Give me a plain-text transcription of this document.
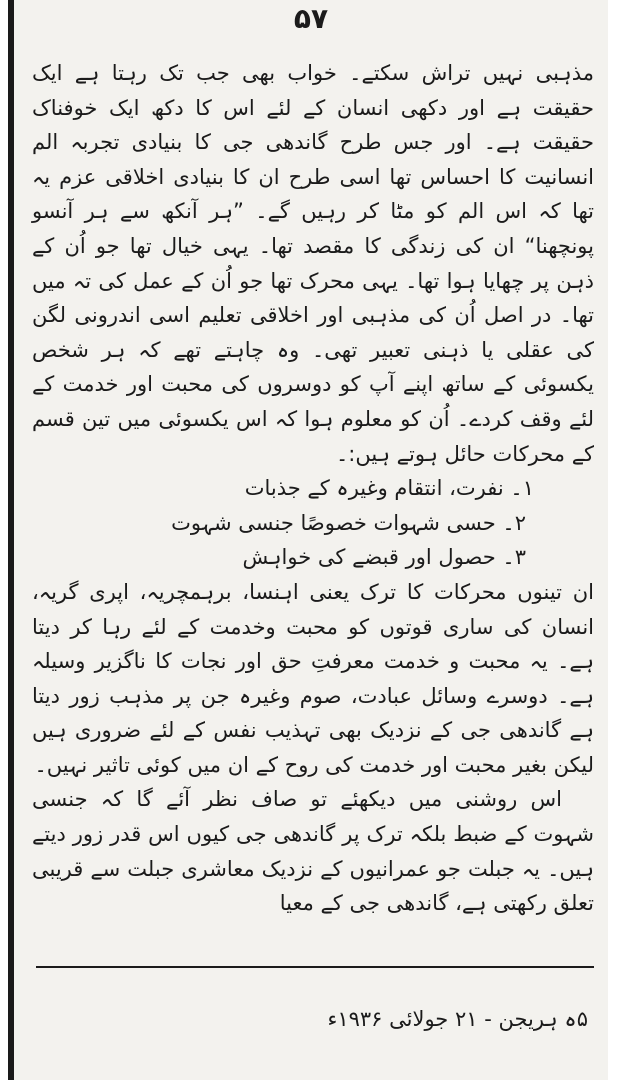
۵۷

مذہبی نہیں تراش سکتے۔ خواب بھی جب تک رہتا ہے ایک حقیقت ہے اور دکھی انسان کے لئے اس کا دکھ ایک خوفناک حقیقت ہے۔ اور جس طرح گاندھی جی کا بنیادی تجربہ الم انسانیت کا احساس تھا اسی طرح ان کا بنیادی اخلاقی عزم یہ تھا کہ اس الم کو مٹا کر رہیں گے۔ ”ہر آنکھ سے ہر آنسو پونچھنا“ ان کی زندگی کا مقصد تھا۔ یہی خیال تھا جو اُن کے ذہن پر چھایا ہوا تھا۔ یہی محرک تھا جو اُن کے عمل کی تہ میں تھا۔ در اصل اُن کی مذہبی اور اخلاقی تعلیم اسی اندرونی لگن کی عقلی یا ذہنی تعبیر تھی۔ وہ چاہتے تھے کہ ہر شخص یکسوئی کے ساتھ اپنے آپ کو دوسروں کی محبت اور خدمت کے لئے وقف کردے۔ اُن کو معلوم ہوا کہ اس یکسوئی میں تین قسم کے محرکات حائل ہوتے ہیں:۔

۱۔ نفرت، انتقام وغیرہ کے جذبات
۲۔ حسی شہوات خصوصًا جنسی شہوت
۳۔ حصول اور قبضے کی خواہش

ان تینوں محرکات کا ترک یعنی اہنسا، برہمچریہ، اپری گریہ، انسان کی ساری قوتوں کو محبت وخدمت کے لئے رہا کر دیتا ہے۔ یہ محبت و خدمت معرفتِ حق اور نجات کا ناگزیر وسیلہ ہے۔ دوسرے وسائل عبادت، صوم وغیرہ جن پر مذہب زور دیتا ہے گاندھی جی کے نزدیک بھی تہذیب نفس کے لئے ضروری ہیں لیکن بغیر محبت اور خدمت کی روح کے ان میں کوئی تاثیر نہیں۔

اس روشنی میں دیکھئے تو صاف نظر آئے گا کہ جنسی شہوت کے ضبط بلکہ ترک پر گاندھی جی کیوں اس قدر زور دیتے ہیں۔ یہ جبلت جو عمرانیوں کے نزدیک معاشری جبلت سے قریبی تعلق رکھتی ہے، گاندھی جی کے معیا

۵ہ ہریجن - ۲۱ جولائی ۱۹۳۶ء
